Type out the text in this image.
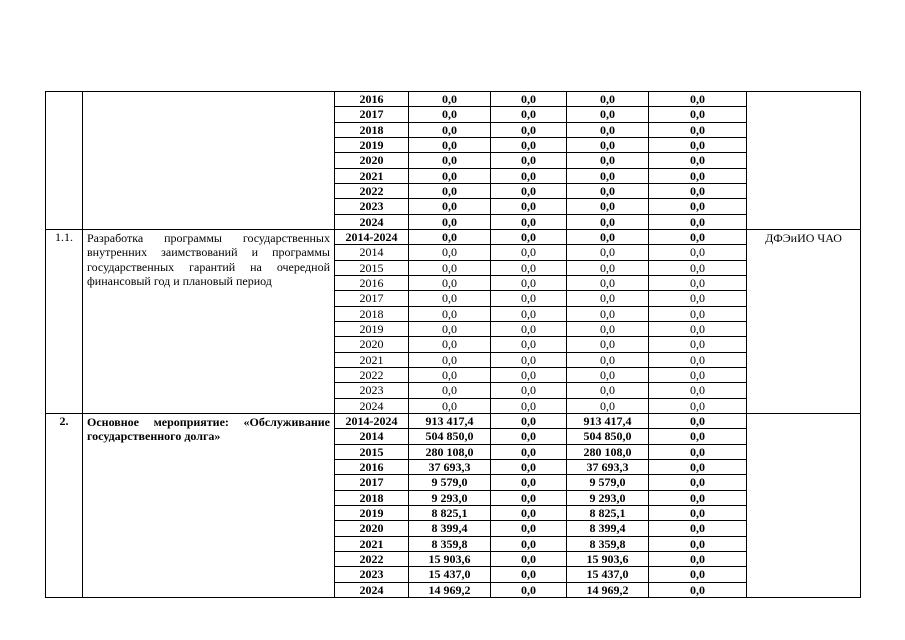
		2016	0,0	0,0	0,0	0,0	
		2017	0,0	0,0	0,0	0,0	
		2018	0,0	0,0	0,0	0,0	
		2019	0,0	0,0	0,0	0,0	
		2020	0,0	0,0	0,0	0,0	
		2021	0,0	0,0	0,0	0,0	
		2022	0,0	0,0	0,0	0,0	
		2023	0,0	0,0	0,0	0,0	
		2024	0,0	0,0	0,0	0,0	
1.1.	Разработка программы государственных внутренних заимствований и программы государственных гарантий на очередной финансовый год и плановый период	2014-2024	0,0	0,0	0,0	0,0	ДФЭиИО ЧАО
		2014	0,0	0,0	0,0	0,0	
		2015	0,0	0,0	0,0	0,0	
		2016	0,0	0,0	0,0	0,0	
		2017	0,0	0,0	0,0	0,0	
		2018	0,0	0,0	0,0	0,0	
		2019	0,0	0,0	0,0	0,0	
		2020	0,0	0,0	0,0	0,0	
		2021	0,0	0,0	0,0	0,0	
		2022	0,0	0,0	0,0	0,0	
		2023	0,0	0,0	0,0	0,0	
		2024	0,0	0,0	0,0	0,0	
2.	Основное мероприятие: «Обслуживание государственного долга»	2014-2024	913 417,4	0,0	913 417,4	0,0	
		2014	504 850,0	0,0	504 850,0	0,0	
		2015	280 108,0	0,0	280 108,0	0,0	
		2016	37 693,3	0,0	37 693,3	0,0	
		2017	9 579,0	0,0	9 579,0	0,0	
		2018	9 293,0	0,0	9 293,0	0,0	
		2019	8 825,1	0,0	8 825,1	0,0	
		2020	8 399,4	0,0	8 399,4	0,0	
		2021	8 359,8	0,0	8 359,8	0,0	
		2022	15 903,6	0,0	15 903,6	0,0	
		2023	15 437,0	0,0	15 437,0	0,0	
		2024	14 969,2	0,0	14 969,2	0,0	
